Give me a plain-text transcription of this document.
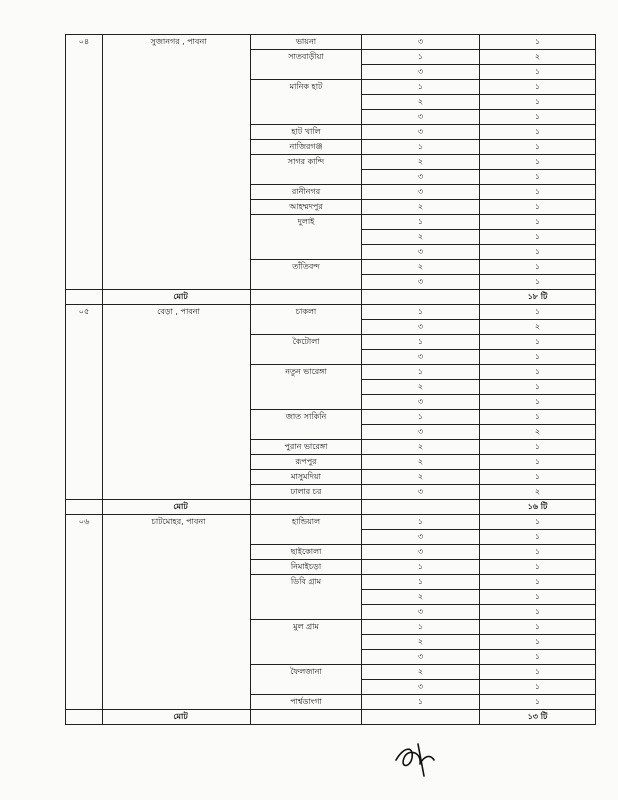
০৪	সুজানগর , পাবনা	ভায়না	৩	১
		সাতবাড়ীয়া	১	২
			৩	১
		মানিক হাট	১	১
			২	১
			৩	১
		হাট খালি	৩	১
		নাজিরগঞ্জ	১	১
		সাগর কান্দি	২	১
			৩	১
		রানীনগর	৩	১
		আহম্মদপুর	২	১
		দুলাই	১	১
			২	১
			৩	১
		তাঁতিবন্দ	২	১
			৩	১
	মোট			১৮ টি
০৫	বেড়া , পাবনা	চাকলা	১	১
			৩	২
		কৈটোলা	১	১
			৩	১
		নতুন ভারেঙ্গা	১	১
			২	১
			৩	১
		জাত সাকিনি	১	১
			৩	২
		পুরান ভারেঙ্গা	২	১
		রূপপুর	২	১
		মাসুমদিয়া	২	১
		ঢালার চর	৩	২
	মোট			১৬ টি
০৬	চাটমোহর, পাবনা	হান্ডিয়াল	১	১
			৩	১
		ছাইকোলা	৩	১
		নিমাইচড়া	১	১
		ডিবি গ্রাম	১	১
			২	১
			৩	১
		মুল গ্রাম	১	১
			২	১
			৩	১
		ফৈলজানা	২	১
			৩	১
		পার্শ্বডাংগা	১	১
	মোট			১৩ টি
